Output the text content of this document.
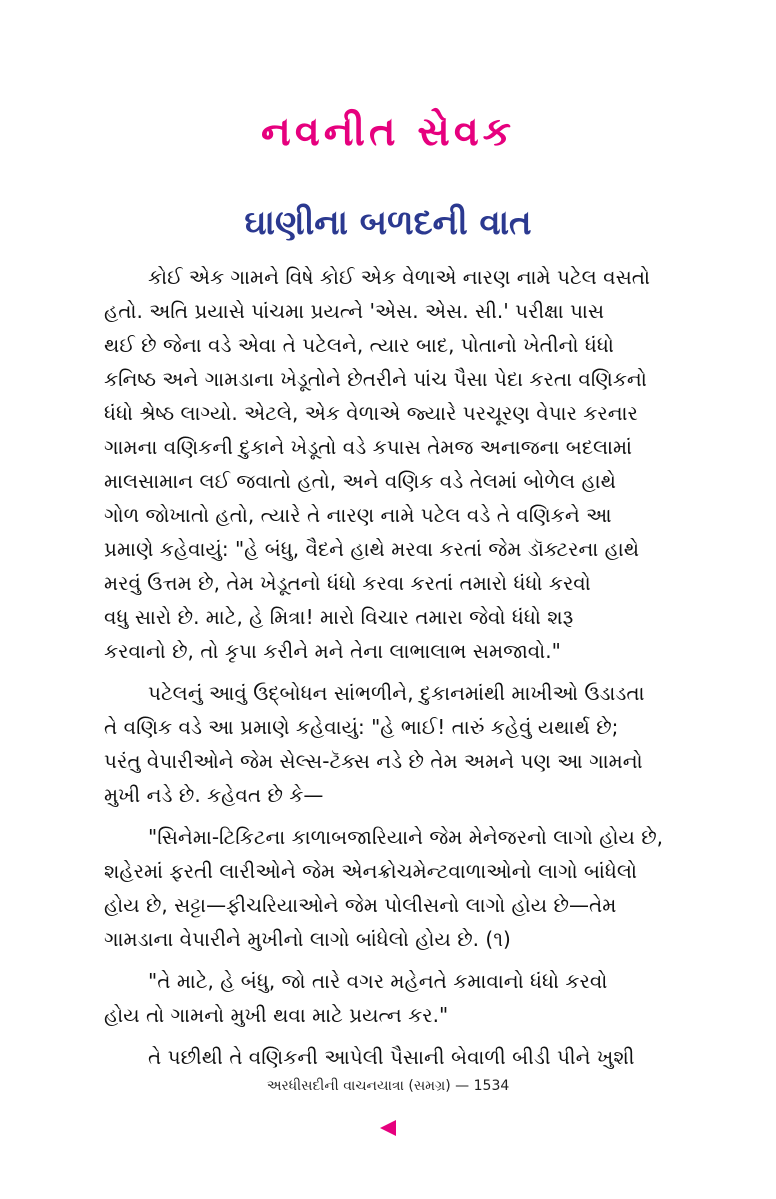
નવનીત સેવક
ઘાણીના બળદની વાત

કોઈ એક ગામને વિષે કોઈ એક વેળાએ નારણ નામે પટેલ વસતો
હતો. અતિ પ્રયાસે પાંચમા પ્રયત્ને 'એસ. એસ. સી.' પરીક્ષા પાસ
થઈ છે જેના વડે એવા તે પટેલને, ત્યાર બાદ, પોતાનો ખેતીનો ધંધો
કનિષ્ઠ અને ગામડાના ખેડૂતોને છેતરીને પાંચ પૈસા પેદા કરતા વણિકનો
ધંધો શ્રેષ્ઠ લાગ્યો. એટલે, એક વેળાએ જ્યારે પરચૂરણ વેપાર કરનાર
ગામના વણિકની દુકાને ખેડૂતો વડે કપાસ તેમજ અનાજના બદલામાં
માલસામાન લઈ જવાતો હતો, અને વણિક વડે તેલમાં બોળેલ હાથે
ગોળ જોખાતો હતો, ત્યારે તે નારણ નામે પટેલ વડે તે વણિકને આ
પ્રમાણે કહેવાયું: "હે બંધુ, વૈદને હાથે મરવા કરતાં જેમ ડૉક્ટરના હાથે
મરવું ઉત્તમ છે, તેમ ખેડૂતનો ધંધો કરવા કરતાં તમારો ધંધો કરવો
વધુ સારો છે. માટે, હે મિત્રા! મારો વિચાર તમારા જેવો ધંધો શરૂ
કરવાનો છે, તો કૃપા કરીને મને તેના લાભાલાભ સમજાવો."

પટેલનું આવું ઉદ્બોધન સાંભળીને, દુકાનમાંથી માખીઓ ઉડાડતા
તે વણિક વડે આ પ્રમાણે કહેવાયું: "હે ભાઈ! તારું કહેવું યથાર્થ છે;
પરંતુ વેપારીઓને જેમ સેલ્સ-ટૅક્સ નડે છે તેમ અમને પણ આ ગામનો
મુખી નડે છે. કહેવત છે કે—

"સિનેમા-ટિકિટના કાળાબજારિયાને જેમ મેનેજરનો લાગો હોય છે,
શહેરમાં ફરતી લારીઓને જેમ એનક્રોચમેન્ટવાળાઓનો લાગો બાંધેલો
હોય છે, સટ્ટા—ફીચરિયાઓને જેમ પોલીસનો લાગો હોય છે—તેમ
ગામડાના વેપારીને મુખીનો લાગો બાંધેલો હોય છે. (૧)

"તે માટે, હે બંધુ, જો તારે વગર મહેનતે કમાવાનો ધંધો કરવો
હોય તો ગામનો મુખી થવા માટે પ્રયત્ન કર."

તે પછીથી તે વણિકની આપેલી પૈસાની બેવાળી બીડી પીને ખુશી

અરધીસદીની વાચનયાત્રા (સમગ્ર) — 1534
